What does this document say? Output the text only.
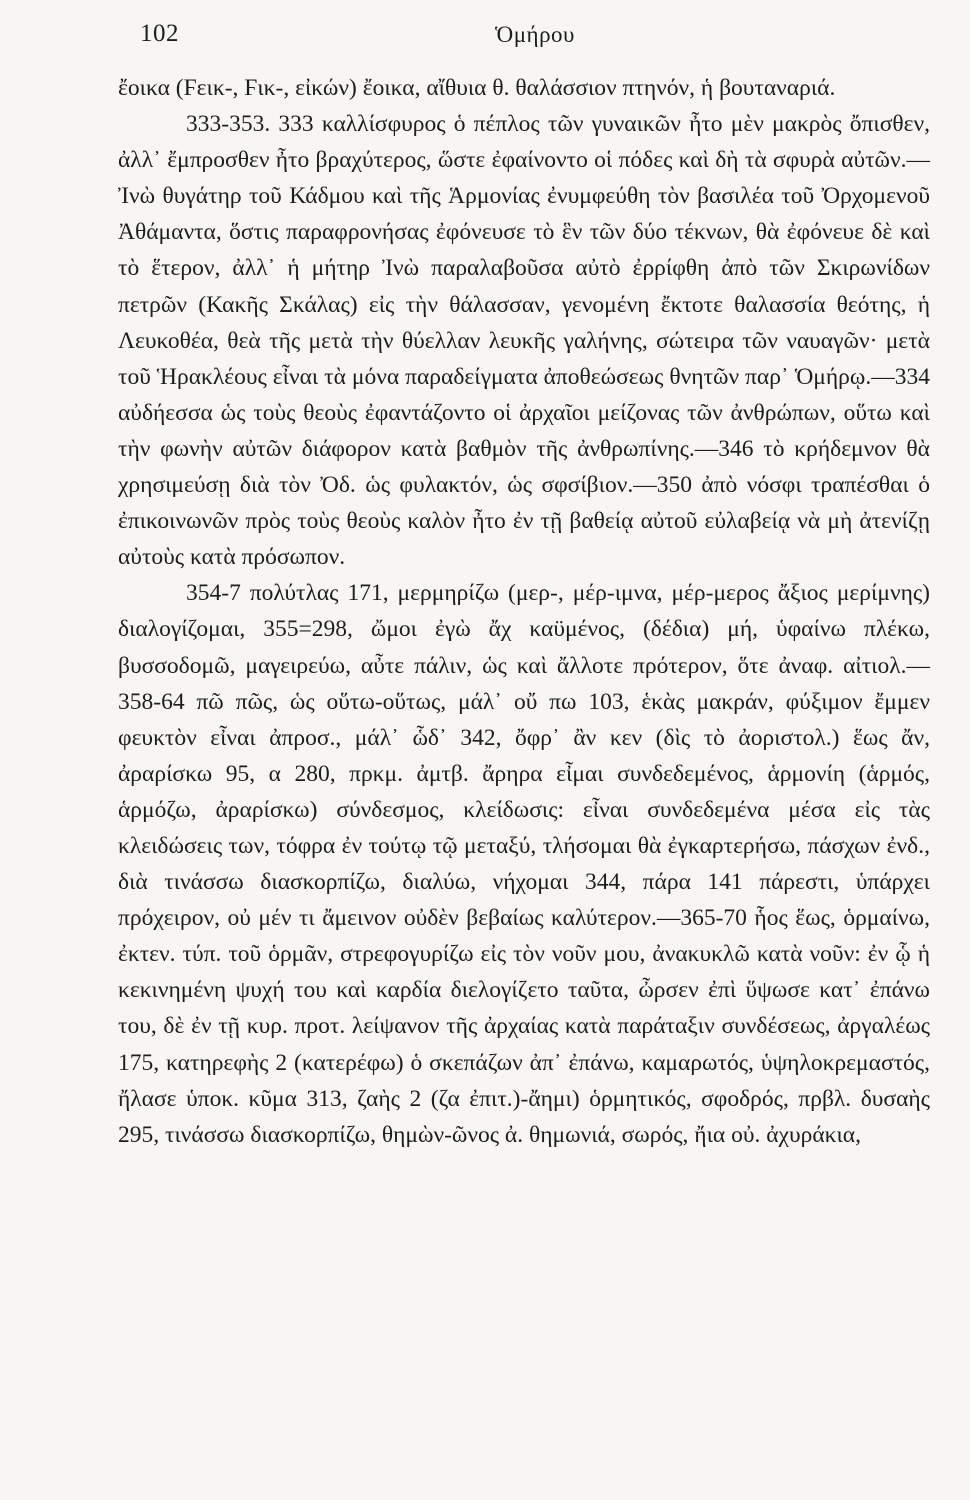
102	Ὁμήρου

ἔοικα (Ϝεικ-, Ϝικ-, εἰκών) ἔοικα, αἴθυια θ. θαλάσσιον πτηνόν, ἡ βουταναριά.

333-353. 333 καλλίσφυρος ὁ πέπλος τῶν γυναικῶν ἦτο μὲν μακρὸς ὄπισθεν, ἀλλ᾽ ἔμπροσθεν ἦτο βραχύτερος, ὥστε ἐφαίνοντο οἱ πόδες καὶ δὴ τὰ σφυρὰ αὐτῶν.— Ἰνὼ θυγάτηρ τοῦ Κάδμου καὶ τῆς Ἁρμονίας ἐνυμφεύθη τὸν βασιλέα τοῦ Ὀρχομενοῦ Ἀθάμαντα, ὅστις παραφρονήσας ἐφόνευσε τὸ ἓν τῶν δύο τέκνων, θὰ ἐφόνευε δὲ καὶ τὸ ἕτερον, ἀλλ᾽ ἡ μήτηρ Ἰνὼ παραλαβοῦσα αὐτὸ ἐρρίφθη ἀπὸ τῶν Σκιρωνίδων πετρῶν (Κακῆς Σκάλας) εἰς τὴν θάλασσαν, γενομένη ἔκτοτε θαλασσία θεότης, ἡ Λευκοθέα, θεὰ τῆς μετὰ τὴν θύελλαν λευκῆς γαλήνης, σώτειρα τῶν ναυαγῶν· μετὰ τοῦ Ἡρακλέους εἶναι τὰ μόνα παραδείγματα ἀποθεώσεως θνητῶν παρ᾽ Ὁμήρῳ.—334 αὐδήεσσα ὡς τοὺς θεοὺς ἐφαντάζοντο οἱ ἀρχαῖοι μείζονας τῶν ἀνθρώπων, οὕτω καὶ τὴν φωνὴν αὐτῶν διάφορον κατὰ βαθμὸν τῆς ἀνθρωπίνης.—346 τὸ κρήδεμνον θὰ χρησιμεύσῃ διὰ τὸν Ὀδ. ὡς φυλακτόν, ὡς σφσίβιον.—350 ἀπὸ νόσφι τραπέσθαι ὁ ἐπικοινωνῶν πρὸς τοὺς θεοὺς καλὸν ἦτο ἐν τῇ βαθείᾳ αὐτοῦ εὐλαβείᾳ νὰ μὴ ἀτενίζῃ αὐτοὺς κατὰ πρόσωπον.

354-7 πολύτλας 171, μερμηρίζω (μερ-, μέρ-ιμνα, μέρ-μερος ἄξιος μερίμνης) διαλογίζομαι, 355=298, ὤμοι ἐγὼ ἄχ καϋμένος, (δέδια) μή, ὑφαίνω πλέκω, βυσσοδομῶ, μαγειρεύω, αὖτε πάλιν, ὡς καὶ ἄλλοτε πρότερον, ὅτε ἀναφ. αἰτιολ.—358-64 πῶ πῶς, ὡς οὕτω-οὕτως, μάλ᾽ οὔ πω 103, ἑκὰς μακράν, φύξιμον ἔμμεν φευκτὸν εἶναι ἀπροσ., μάλ᾽ ὧδ᾽ 342, ὄφρ᾽ ἂν κεν (δὶς τὸ ἀοριστολ.) ἕως ἄν, ἀραρίσκω 95, α 280, πρκμ. ἀμτβ. ἄρηρα εἶμαι συνδεδεμένος, ἁρμονίη (ἁρμός, ἁρμόζω, ἀραρίσκω) σύνδεσμος, κλείδωσις: εἶναι συνδεδεμένα μέσα εἰς τὰς κλειδώσεις των, τόφρα ἐν τούτῳ τῷ μεταξύ, τλήσομαι θὰ ἐγκαρτερήσω, πάσχων ἐνδ., διὰ τινάσσω διασκορπίζω, διαλύω, νήχομαι 344, πάρα 141 πάρεστι, ὑπάρχει πρόχειρον, οὐ μέν τι ἄμεινον οὐδὲν βεβαίως καλύτερον.—365-70 ἧος ἕως, ὁρμαίνω, ἐκτεν. τύπ. τοῦ ὁρμᾶν, στρεφογυρίζω εἰς τὸν νοῦν μου, ἀνακυκλῶ κατὰ νοῦν: ἐν ᾧ ἡ κεκινημένη ψυχή του καὶ καρδία διελογίζετο ταῦτα, ὦρσεν ἐπὶ ὕψωσε κατ᾽ ἐπάνω του, δὲ ἐν τῇ κυρ. προτ. λείψανον τῆς ἀρχαίας κατὰ παράταξιν συνδέσεως, ἀργαλέως 175, κατηρεφὴς 2 (κατερέφω) ὁ σκεπάζων ἀπ᾽ ἐπάνω, καμαρωτός, ὑψηλοκρεμαστός, ἤλασε ὑποκ. κῦμα 313, ζαὴς 2 (ζα ἐπιτ.)-ἄημι) ὁρμητικός, σφοδρός, πρβλ. δυσαὴς 295, τινάσσω διασκορπίζω, θημὼν-ῶνος ἀ. θημωνιά, σωρός, ἤια οὐ. ἀχυράκια,
